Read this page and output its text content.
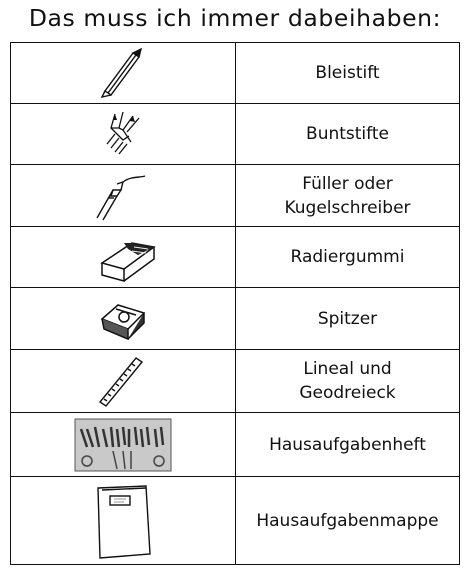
Das muss ich immer dabeihaben:
	Bleistift

	Buntstifte

	Füller oder
Kugelschreiber

	Radiergummi

	Spitzer

	Lineal und
Geodreieck

	Hausaufgabenheft

	Hausaufgabenmappe
